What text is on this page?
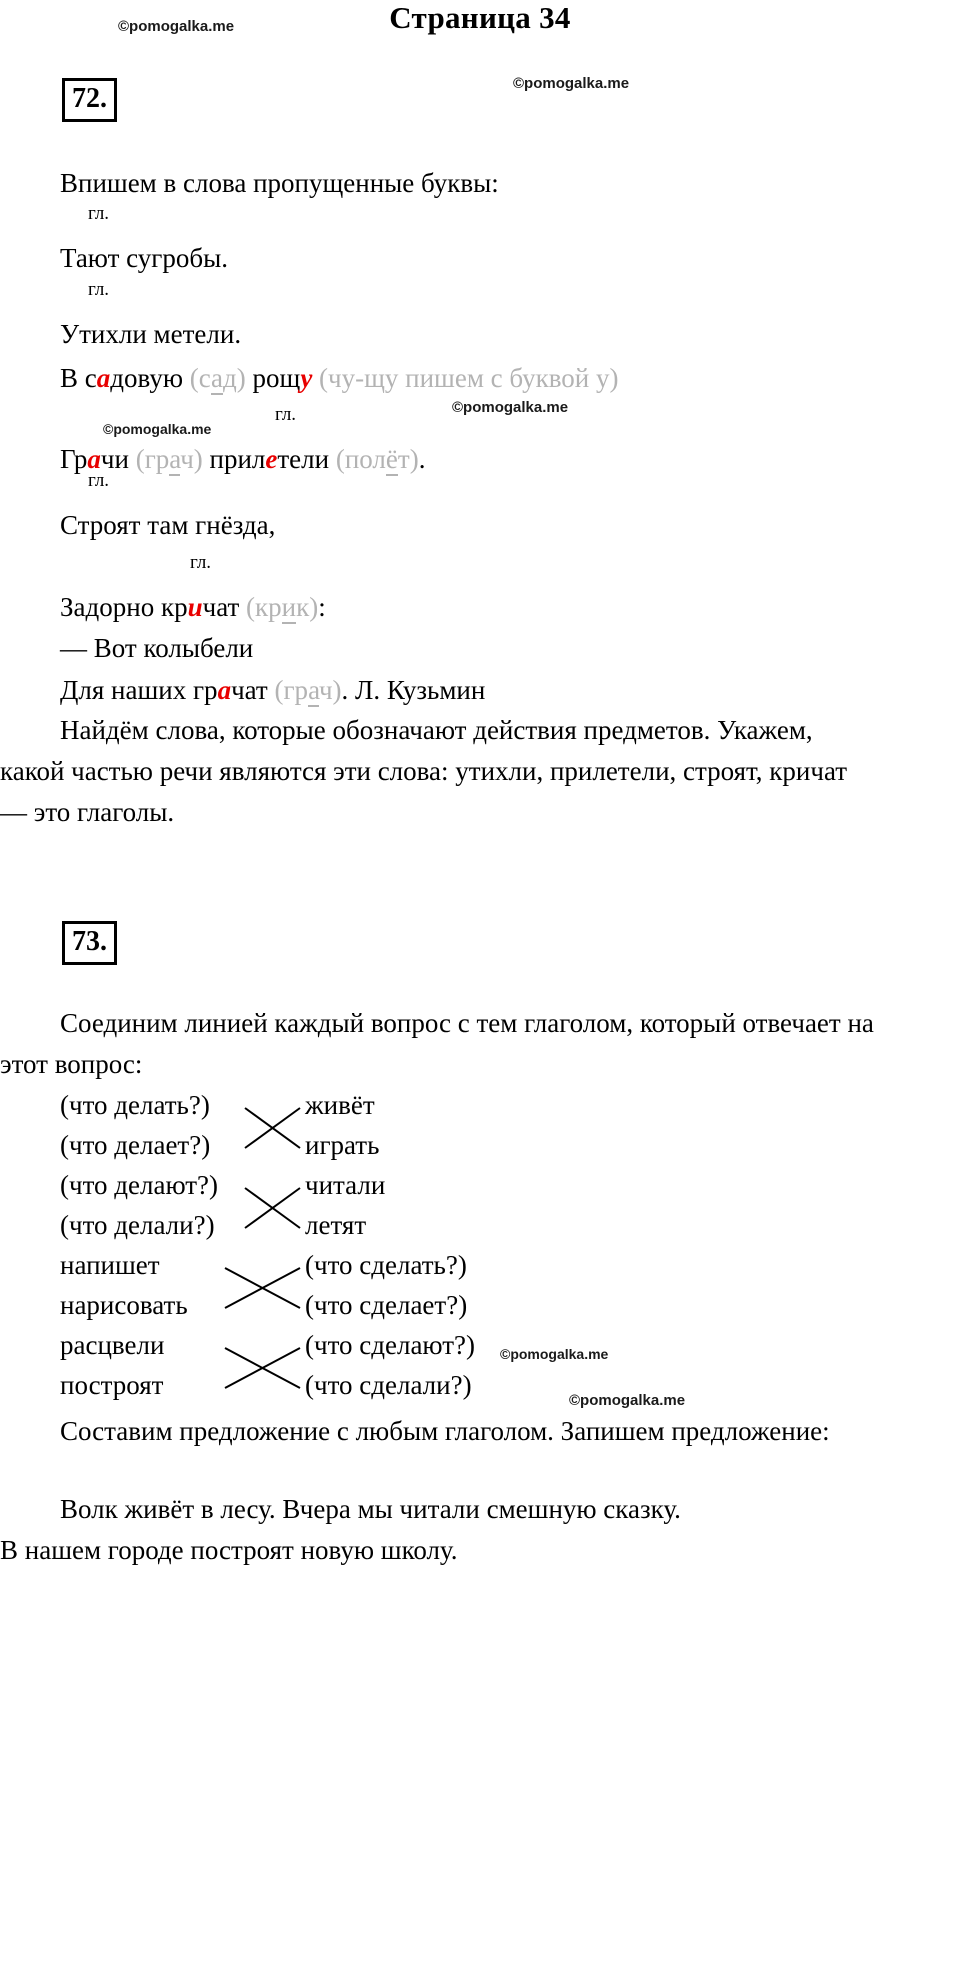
Страница 34
©pomogalka.me
©pomogalka.me
©pomogalka.me
©pomogalka.me
©pomogalka.me
©pomogalka.me
72.
Впишем в слова пропущенные буквы:
Тают сугробы.
гл.
Утихли метели.
гл.
В садовую (сад) рощу (чу-щу пишем с буквой у)
Грачи (грач) прилетели (полёт).
гл.
Строят там гнёзда,
гл.
Задорно кричат (крик):
гл.
— Вот колыбели
Для наших грачат (грач). Л. Кузьмин
Найдём слова, которые обозначают действия предметов. Укажем, какой частью речи являются эти слова: утихли, прилетели, строят, кричат — это глаголы.
73.
Соединим линией каждый вопрос с тем глаголом, который отвечает на этот вопрос:
(что делать?)
(что делает?)
(что делают?)
(что делали?)
живёт
играть
читали
летят
напишет
нарисовать
расцвели
построят
(что сделать?)
(что сделает?)
(что сделают?)
(что сделали?)
Составим предложение с любым глаголом. Запишем предложение:
Волк живёт в лесу. Вчера мы читали смешную сказку.
В нашем городе построят новую школу.
